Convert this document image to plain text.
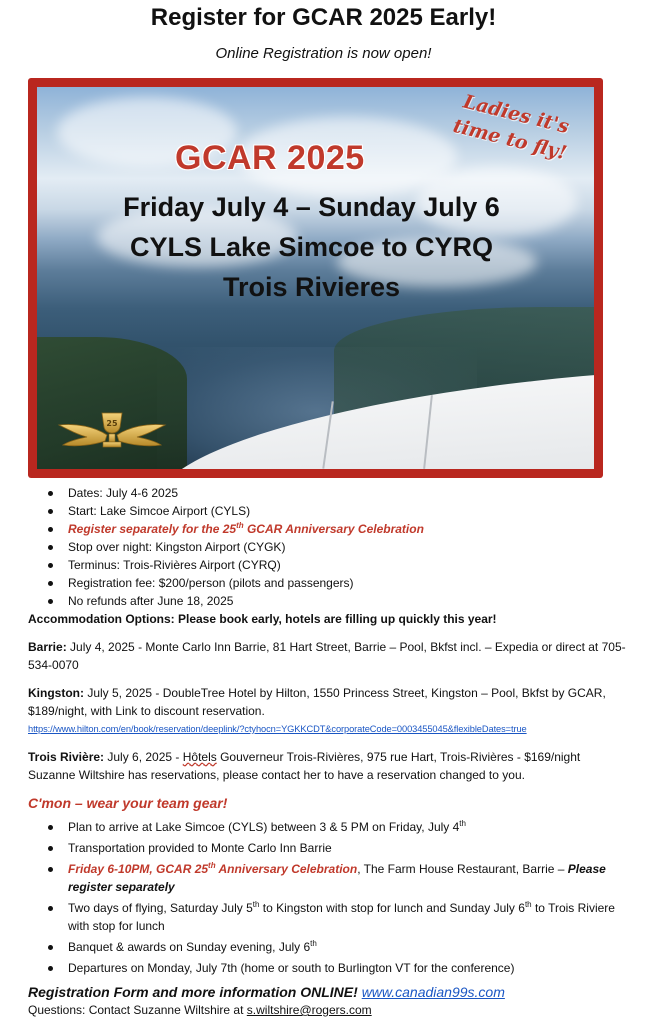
Register for GCAR 2025 Early!
Online Registration is now open!
GCAR 2025
Friday July 4 – Sunday July 6
CYLS Lake Simcoe to CYRQ
Trois Rivieres
Ladies it's time to fly!
25
Dates: July 4-6 2025
Start: Lake Simcoe Airport (CYLS)
Register separately for the 25th GCAR Anniversary Celebration
Stop over night: Kingston Airport (CYGK)
Terminus: Trois-Rivières Airport (CYRQ)
Registration fee: $200/person (pilots and passengers)
No refunds after June 18, 2025
Accommodation Options: Please book early, hotels are filling up quickly this year!
Barrie: July 4, 2025 - Monte Carlo Inn Barrie, 81 Hart Street, Barrie – Pool, Bkfst incl. – Expedia or direct at 705-534-0070
Kingston: July 5, 2025 - DoubleTree Hotel by Hilton, 1550 Princess Street, Kingston – Pool, Bkfst by GCAR, $189/night, with Link to discount reservation.
https://www.hilton.com/en/book/reservation/deeplink/?ctyhocn=YGKKCDT&corporateCode=0003455045&flexibleDates=true
Trois Rivière: July 6, 2025 - Hôtels Gouverneur Trois-Rivières, 975 rue Hart, Trois-Rivières - $169/night
Suzanne Wiltshire has reservations, please contact her to have a reservation changed to you.
C'mon – wear your team gear!
Plan to arrive at Lake Simcoe (CYLS) between 3 & 5 PM on Friday, July 4th
Transportation provided to Monte Carlo Inn Barrie
Friday 6-10PM, GCAR 25th Anniversary Celebration, The Farm House Restaurant, Barrie – Please register separately
Two days of flying, Saturday July 5th to Kingston with stop for lunch and Sunday July 6th to Trois Riviere with stop for lunch
Banquet & awards on Sunday evening, July 6th
Departures on Monday, July 7th (home or south to Burlington VT for the conference)
Registration Form and more information ONLINE! www.canadian99s.com
Questions: Contact Suzanne Wiltshire at s.wiltshire@rogers.com
